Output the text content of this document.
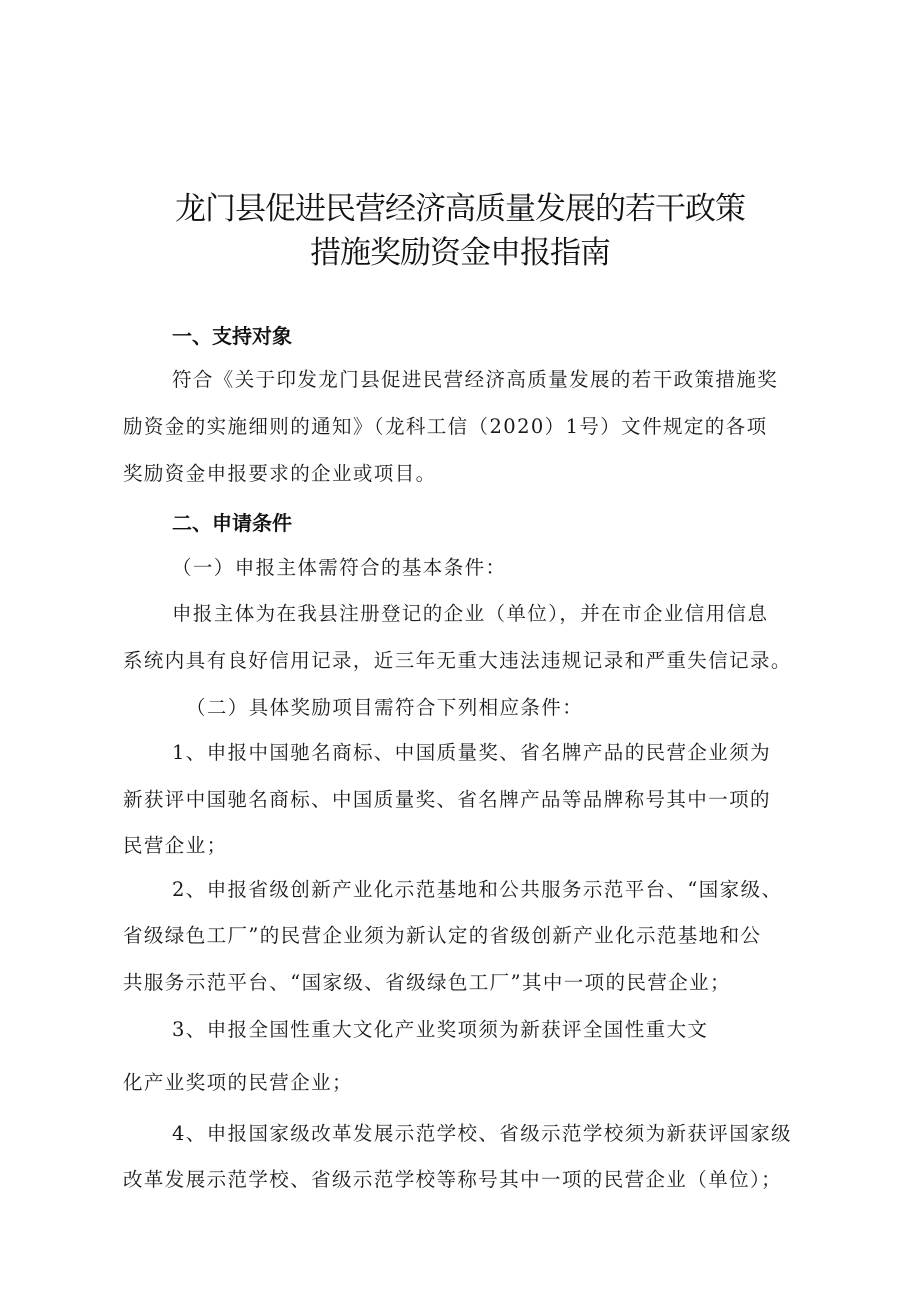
龙门县促进民营经济高质量发展的若干政策
措施奖励资金申报指南
一、支持对象

符合《关于印发龙门县促进民营经济高质量发展的若干政策措施奖

励资金的实施细则的通知》（龙科工信（2020）1号）文件规定的各项

奖励资金申报要求的企业或项目。

二、申请条件

（一）申报主体需符合的基本条件：

申报主体为在我县注册登记的企业（单位），并在市企业信用信息

系统内具有良好信用记录，近三年无重大违法违规记录和严重失信记录。

（二）具体奖励项目需符合下列相应条件：

1、申报中国驰名商标、中国质量奖、省名牌产品的民营企业须为

新获评中国驰名商标、中国质量奖、省名牌产品等品牌称号其中一项的

民营企业；

2、申报省级创新产业化示范基地和公共服务示范平台、“国家级、

省级绿色工厂”的民营企业须为新认定的省级创新产业化示范基地和公

共服务示范平台、“国家级、省级绿色工厂”其中一项的民营企业；

3、申报全国性重大文化产业奖项须为新获评全国性重大文

化产业奖项的民营企业；

4、申报国家级改革发展示范学校、省级示范学校须为新获评国家级

改革发展示范学校、省级示范学校等称号其中一项的民营企业（单位）；
